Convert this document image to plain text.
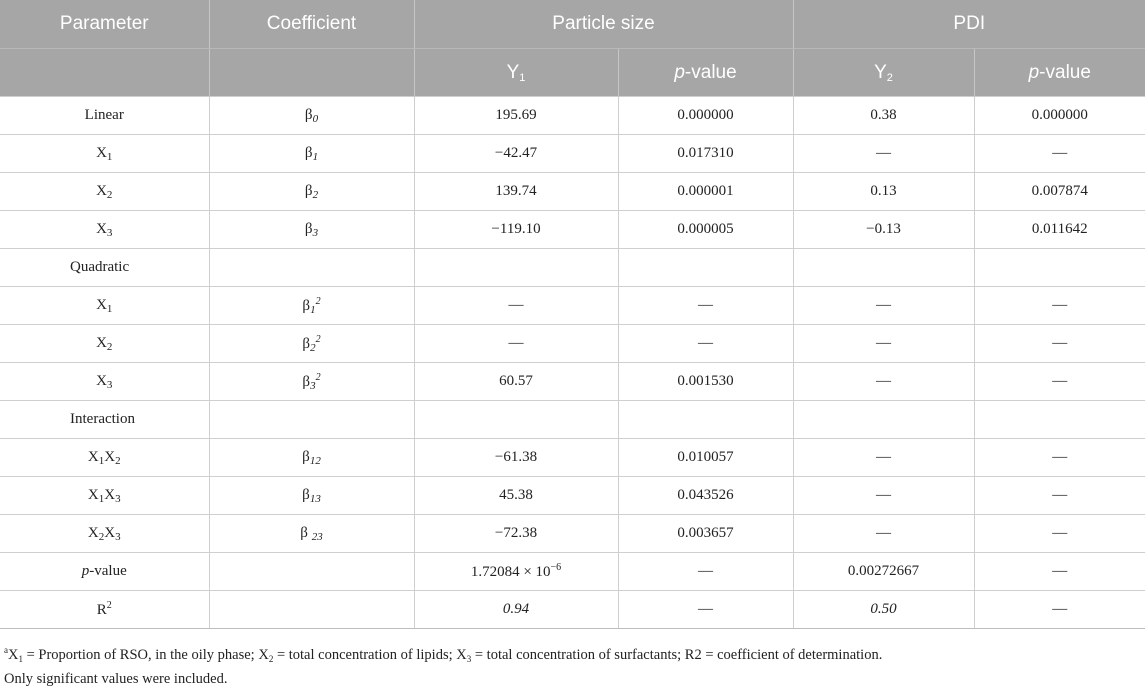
Parameter	Coefficient	Particle size		PDI	
		$Y_1$	p-value	$Y_2$	p-value
Linear	$\beta_0$	195.69	0.000000	0.38	0.000000
$X_1$	$\beta_1$	−42.47	0.017310	—	—
$X_2$	$\beta_2$	139.74	0.000001	0.13	0.007874
$X_3$	$\beta_3$	−119.10	0.000005	−0.13	0.011642
Quadratic					
$X_1$	$\beta_1^2$	—	—	—	—
$X_2$	$\beta_2^2$	—	—	—	—
$X_3$	$\beta_3^2$	60.57	0.001530	—	—
Interaction					
$X_1X_2$	$\beta_{12}$	−61.38	0.010057	—	—
$X_1X_3$	$\beta_{13}$	45.38	0.043526	—	—
$X_2X_3$	β $_{23}$	−72.38	0.003657	—	—
p-value		$1.72084 \times 10^{-6}$	—	0.00272667	—
$R^2$		0.94	—	0.50	—
$^aX_1$ = Proportion of RSO, in the oily phase; $X_2$ = total concentration of lipids; $X_3$ = total concentration of surfactants; R2 = coefficient of determination.
Only significant values were included.
